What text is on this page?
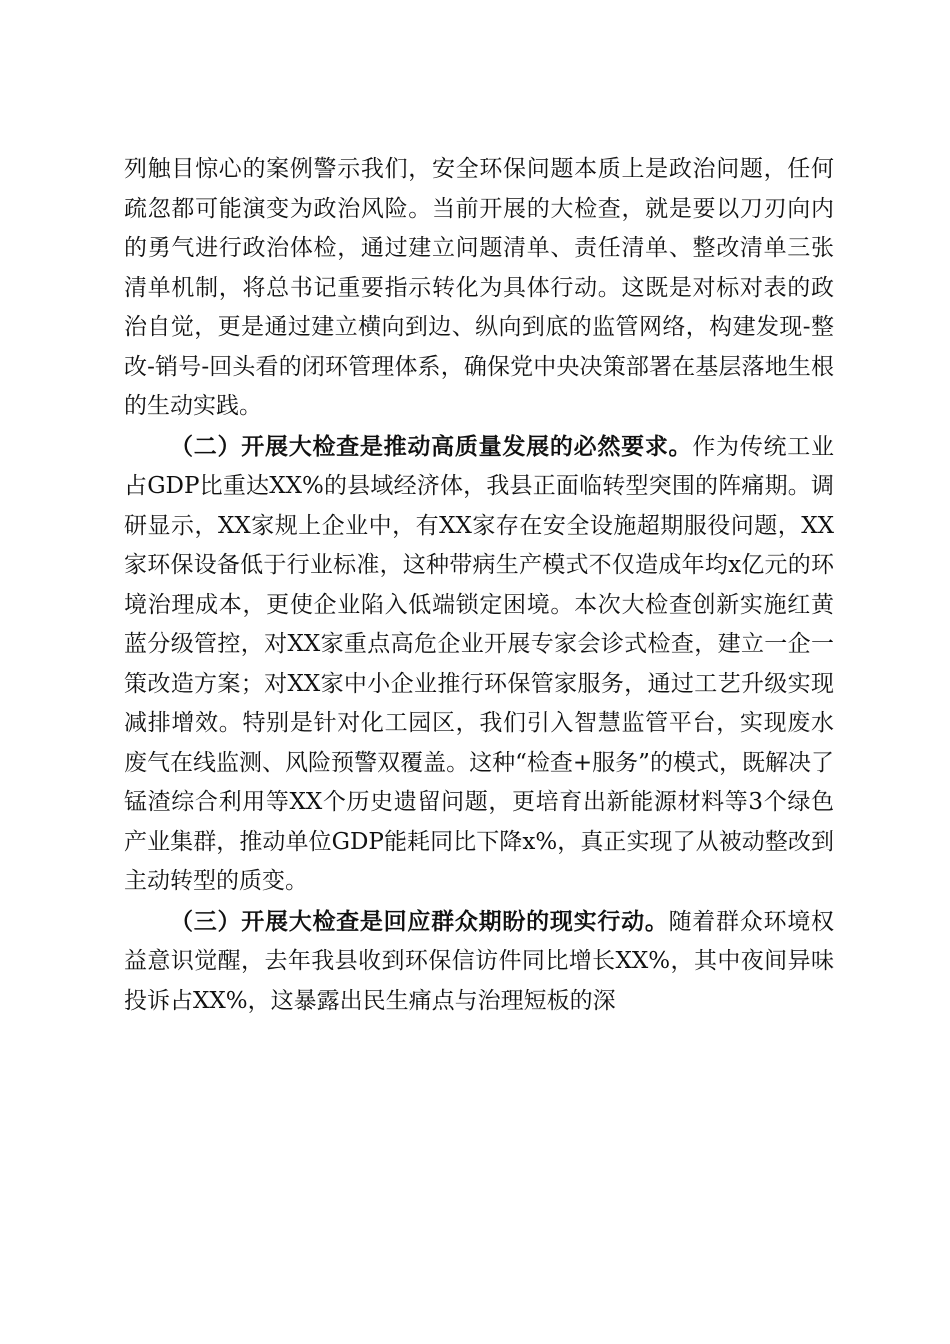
列触目惊心的案例警示我们，安全环保问题本质上是政治问题，任何疏忽都可能演变为政治风险。当前开展的大检查，就是要以刀刃向内的勇气进行政治体检，通过建立问题清单、责任清单、整改清单三张清单机制，将总书记重要指示转化为具体行动。这既是对标对表的政治自觉，更是通过建立横向到边、纵向到底的监管网络，构建发现-整改-销号-回头看的闭环管理体系，确保党中央决策部署在基层落地生根的生动实践。

（二）开展大检查是推动高质量发展的必然要求。作为传统工业占GDP比重达XX%的县域经济体，我县正面临转型突围的阵痛期。调研显示，XX家规上企业中，有XX家存在安全设施超期服役问题，XX家环保设备低于行业标准，这种带病生产模式不仅造成年均x亿元的环境治理成本，更使企业陷入低端锁定困境。本次大检查创新实施红黄蓝分级管控，对XX家重点高危企业开展专家会诊式检查，建立一企一策改造方案；对XX家中小企业推行环保管家服务，通过工艺升级实现减排增效。特别是针对化工园区，我们引入智慧监管平台，实现废水废气在线监测、风险预警双覆盖。这种“检查+服务”的模式，既解决了锰渣综合利用等XX个历史遗留问题，更培育出新能源材料等3个绿色产业集群，推动单位GDP能耗同比下降x%，真正实现了从被动整改到主动转型的质变。

（三）开展大检查是回应群众期盼的现实行动。随着群众环境权益意识觉醒，去年我县收到环保信访件同比增长XX%，其中夜间异味投诉占XX%，这暴露出民生痛点与治理短板的深
